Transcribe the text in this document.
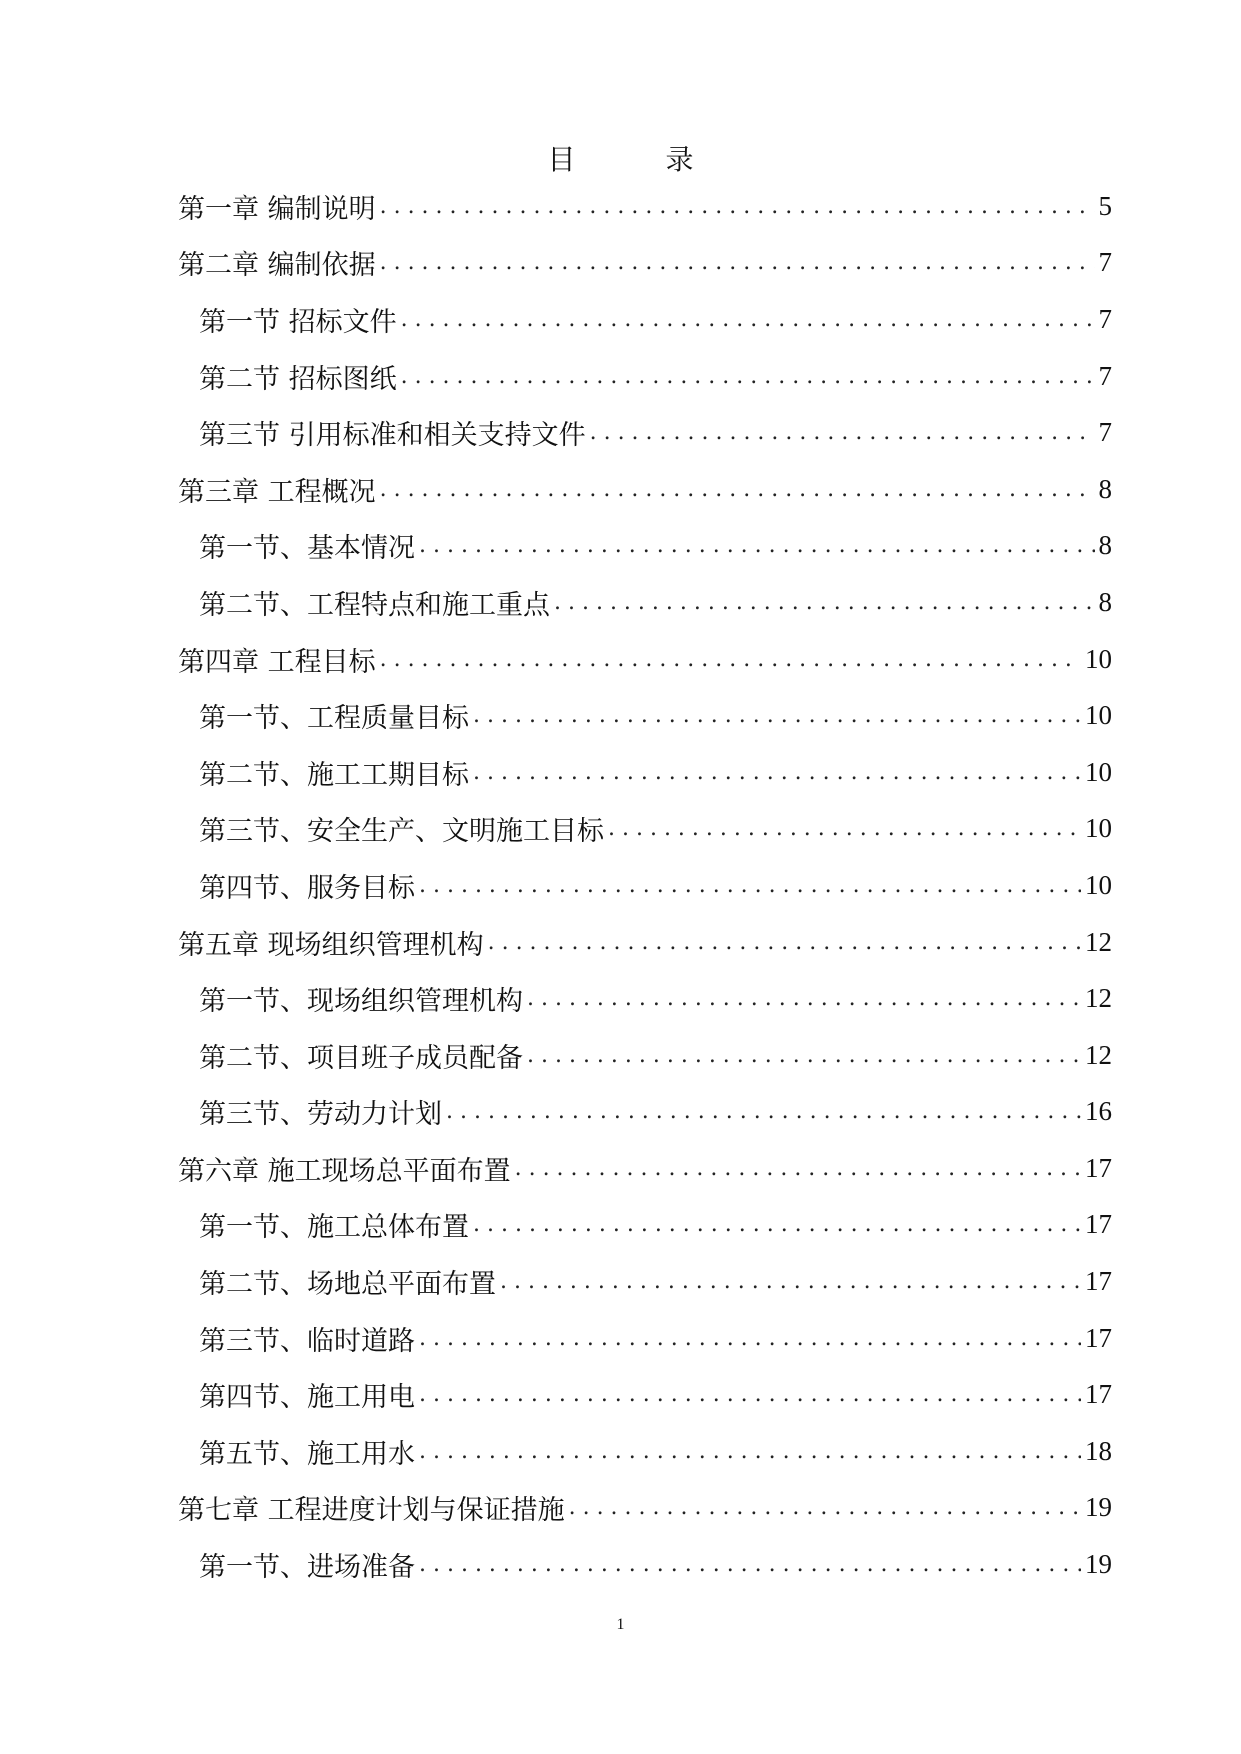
目	录
第一章 编制说明 . . .	5
第二章 编制依据 . . .	7
第一节 招标文件 . . .	7
第二节 招标图纸 . . .	7
第三节 引用标准和相关支持文件 . . .	7
第三章 工程概况 . . .	8
第一节、基本情况 . . .	8
第二节、工程特点和施工重点 . . .	8
第四章 工程目标 . . .	10
第一节、工程质量目标 . . .	10
第二节、施工工期目标 . . .	10
第三节、安全生产、文明施工目标 . . .	10
第四节、服务目标 . . .	10
第五章 现场组织管理机构 . . .	12
第一节、现场组织管理机构 . . .	12
第二节、项目班子成员配备 . . .	12
第三节、劳动力计划 . . .	16
第六章 施工现场总平面布置 . . .	17
第一节、施工总体布置 . . .	17
第二节、场地总平面布置 . . .	17
第三节、临时道路 . . .	17
第四节、施工用电 . . .	17
第五节、施工用水 . . .	18
第七章 工程进度计划与保证措施 . . .	19
第一节、进场准备 . . .	19
1
